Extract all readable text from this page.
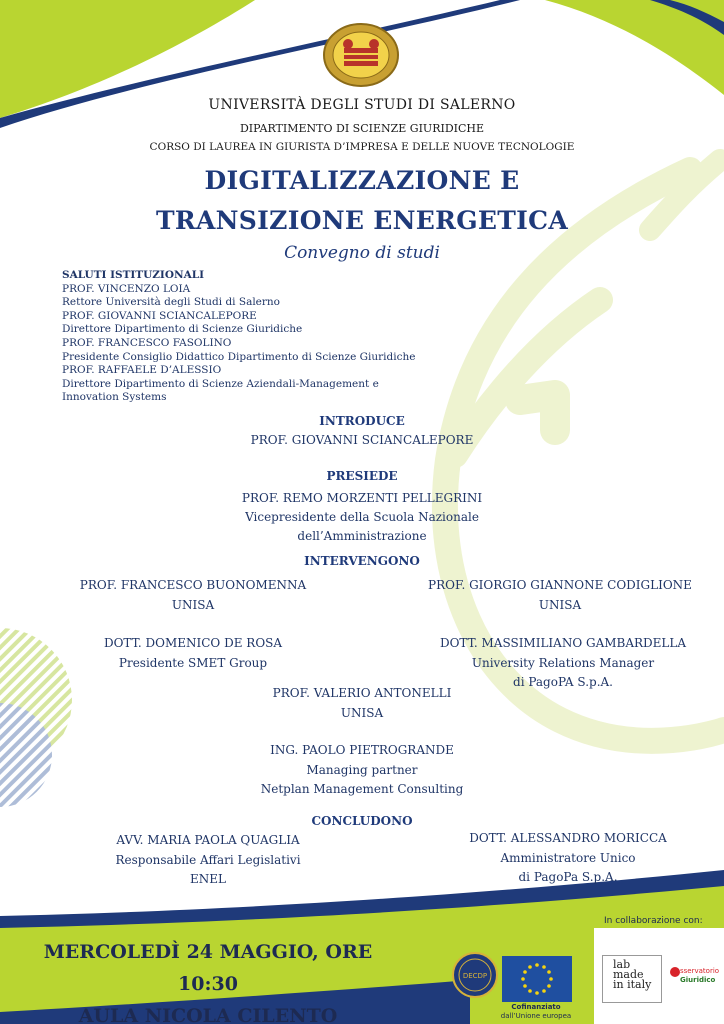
UNIVERSITÀ DEGLI STUDI DI SALERNO
DIPARTIMENTO DI SCIENZE GIURIDICHE
CORSO DI LAUREA IN GIURISTA D’IMPRESA E DELLE NUOVE TECNOLOGIE
DIGITALIZZAZIONE E
TRANSIZIONE ENERGETICA
Convegno di studi
SALUTI ISTITUZIONALI
PROF. VINCENZO LOIA
Rettore Università degli Studi di Salerno
PROF. GIOVANNI SCIANCALEPORE
Direttore Dipartimento di Scienze Giuridiche
PROF. FRANCESCO FASOLINO
Presidente Consiglio Didattico Dipartimento di Scienze Giuridiche
PROF. RAFFAELE D’ALESSIO
Direttore Dipartimento di Scienze Aziendali-Management e
Innovation Systems
INTRODUCE
PROF. GIOVANNI SCIANCALEPORE
PRESIEDE
PROF. REMO MORZENTI PELLEGRINI
Vicepresidente della Scuola Nazionale
dell’Amministrazione
INTERVENGONO
PROF. FRANCESCO BUONOMENNA
UNISA
PROF. GIORGIO GIANNONE CODIGLIONE
UNISA
DOTT. DOMENICO DE ROSA
Presidente SMET Group
DOTT. MASSIMILIANO GAMBARDELLA
University Relations Manager
di PagoPA S.p.A.
PROF. VALERIO ANTONELLI
UNISA
ING. PAOLO PIETROGRANDE
Managing partner
Netplan Management Consulting
CONCLUDONO
AVV. MARIA PAOLA QUAGLIA
Responsabile Affari Legislativi
ENEL
DOTT. ALESSANDRO MORICCA
Amministratore Unico
di PagoPa S.p.A.
MERCOLEDÌ 24 MAGGIO, ORE 10:30
AULA NICOLA CILENTO
In collaborazione con:
DECDP
Cofinanziato
dall’Unione europea
lab
made
in italy
sservatorio
Giuridico
